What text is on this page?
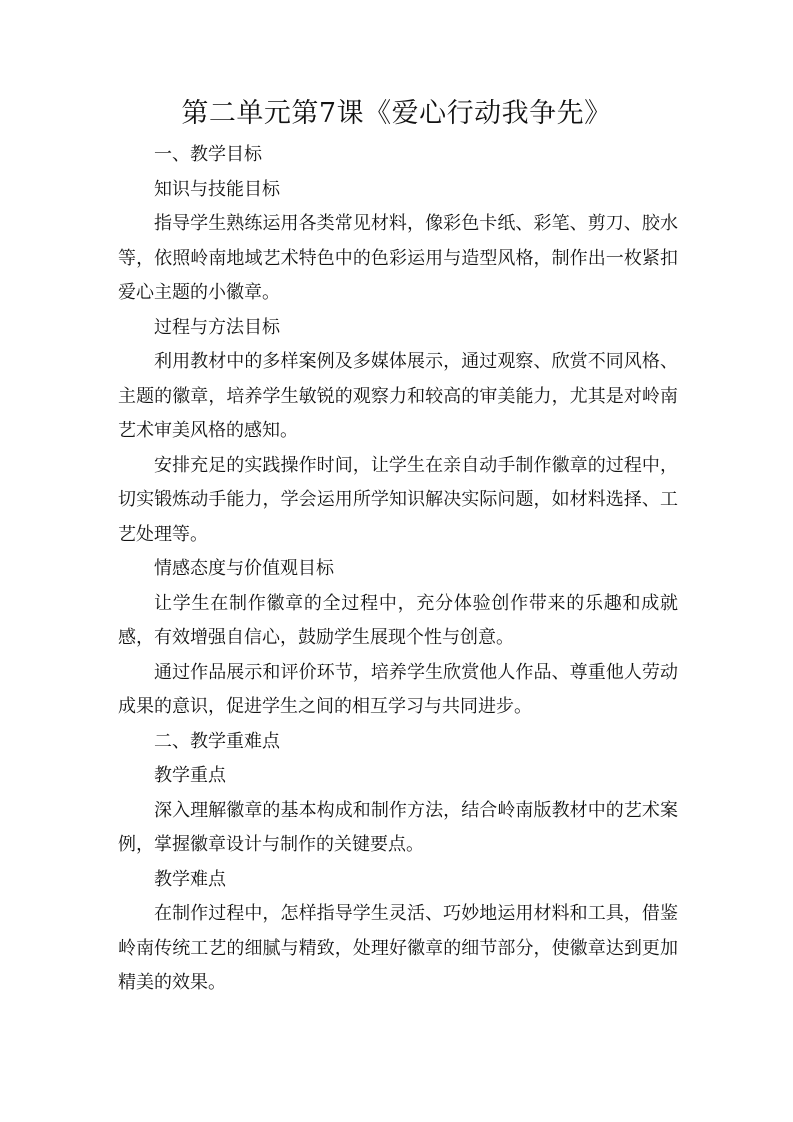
第二单元第7课《爱心行动我争先》

一、教学目标

知识与技能目标

指导学生熟练运用各类常见材料，像彩色卡纸、彩笔、剪刀、胶水等，依照岭南地域艺术特色中的色彩运用与造型风格，制作出一枚紧扣爱心主题的小徽章。

过程与方法目标

利用教材中的多样案例及多媒体展示，通过观察、欣赏不同风格、主题的徽章，培养学生敏锐的观察力和较高的审美能力，尤其是对岭南艺术审美风格的感知。

安排充足的实践操作时间，让学生在亲自动手制作徽章的过程中，切实锻炼动手能力，学会运用所学知识解决实际问题，如材料选择、工艺处理等。

情感态度与价值观目标

让学生在制作徽章的全过程中，充分体验创作带来的乐趣和成就感，有效增强自信心，鼓励学生展现个性与创意。

通过作品展示和评价环节，培养学生欣赏他人作品、尊重他人劳动成果的意识，促进学生之间的相互学习与共同进步。

二、教学重难点

教学重点

深入理解徽章的基本构成和制作方法，结合岭南版教材中的艺术案例，掌握徽章设计与制作的关键要点。

教学难点

在制作过程中，怎样指导学生灵活、巧妙地运用材料和工具，借鉴岭南传统工艺的细腻与精致，处理好徽章的细节部分，使徽章达到更加精美的效果。
